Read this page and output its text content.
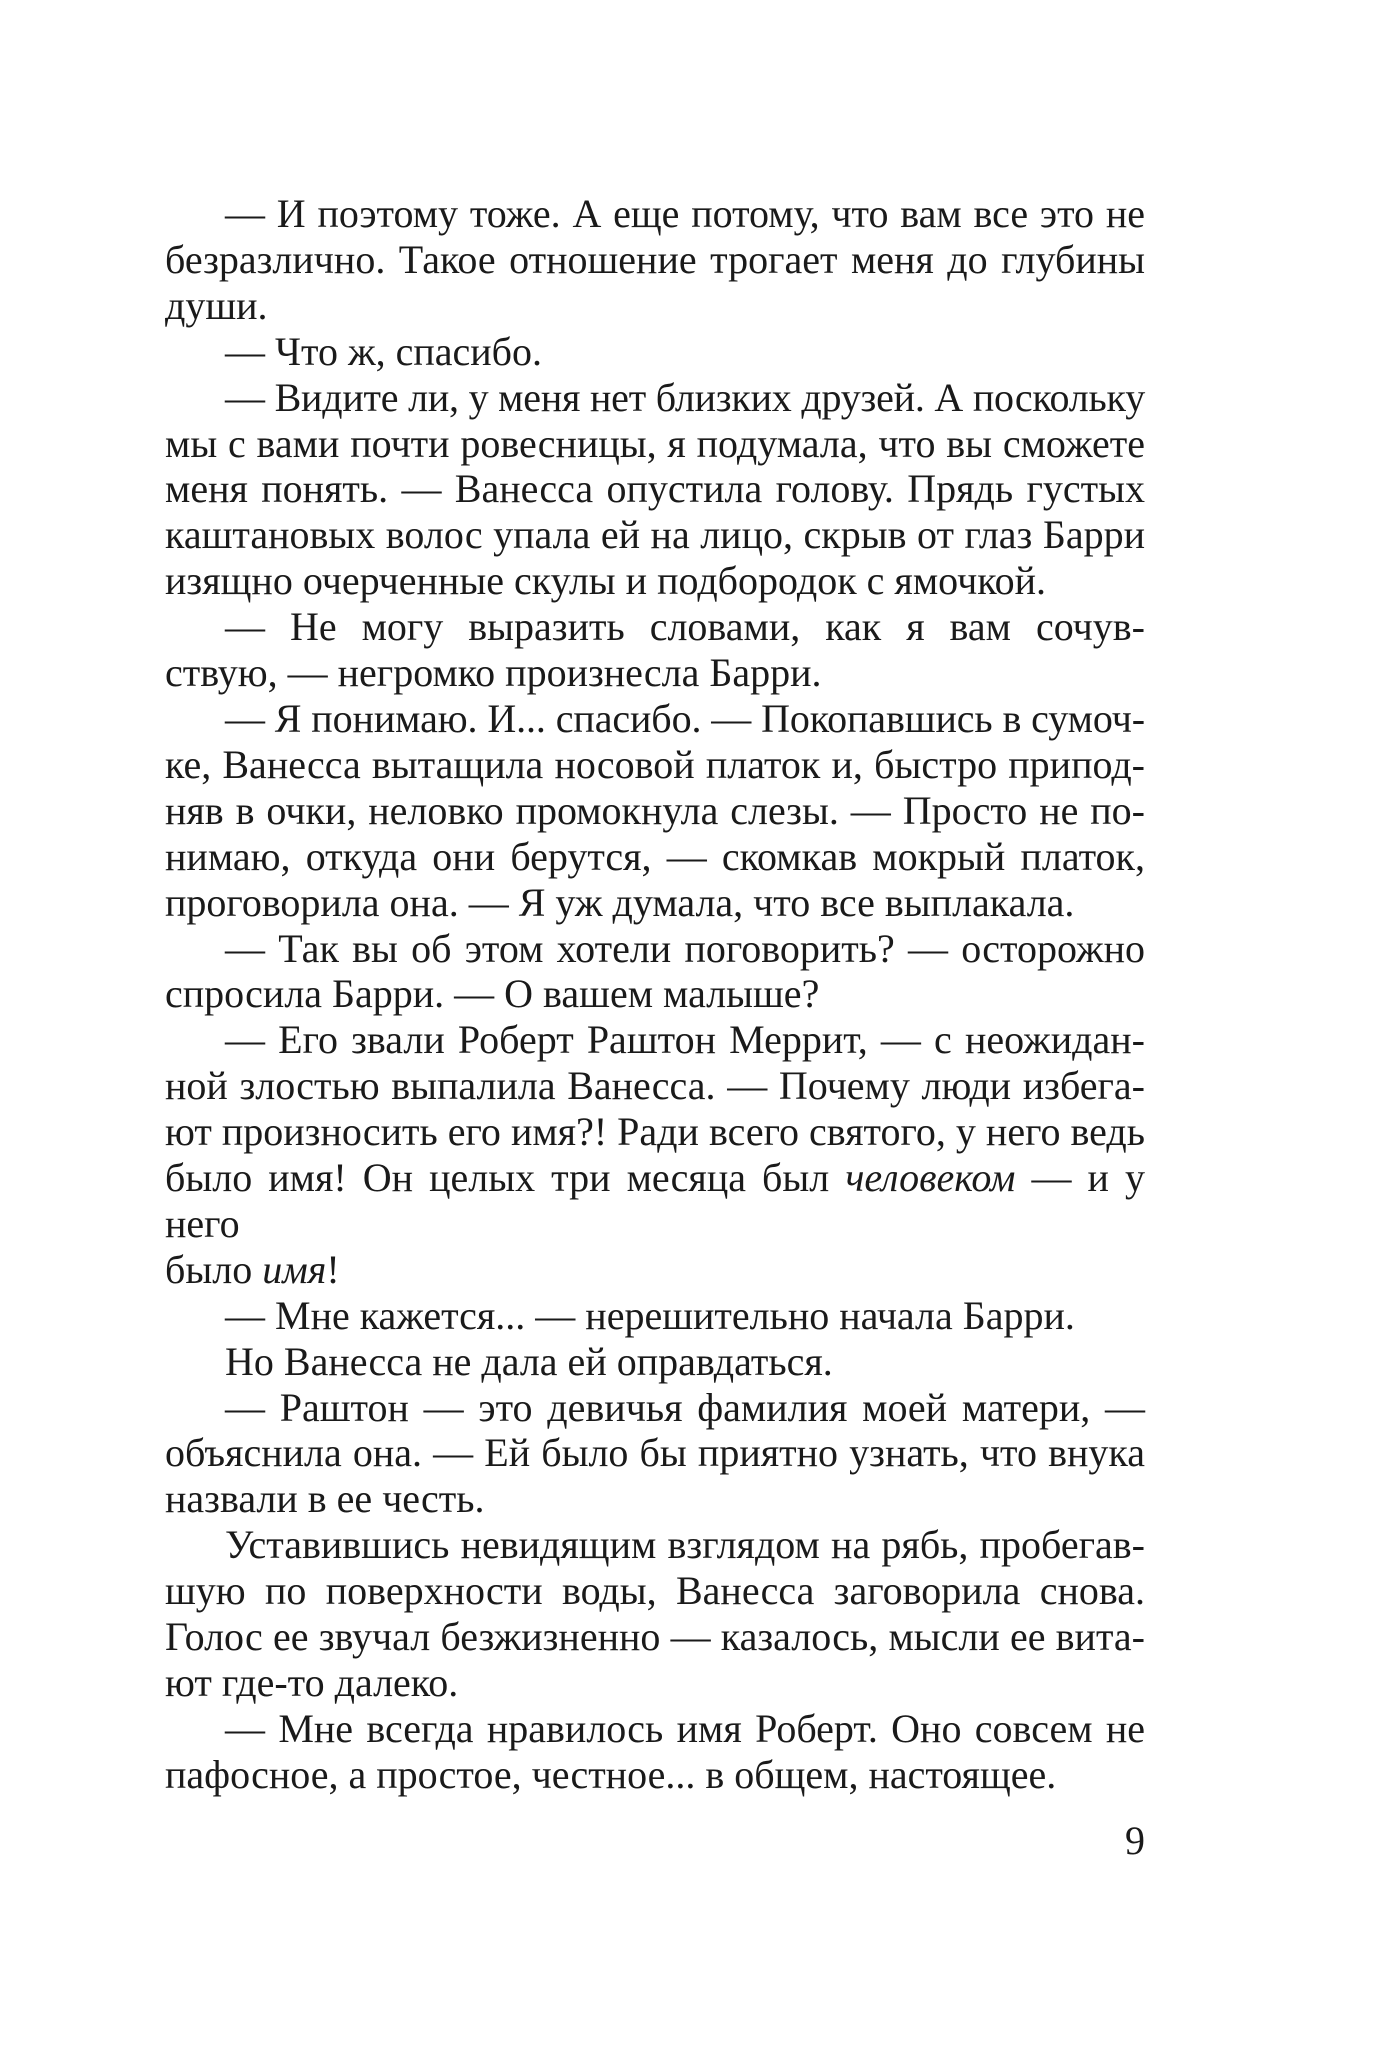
— И поэтому тоже. А еще потому, что вам все это не
безразлично. Такое отношение трогает меня до глубины
души.
— Что ж, спасибо.
— Видите ли, у меня нет близких друзей. А поскольку
мы с вами почти ровесницы, я подумала, что вы сможете
меня понять. — Ванесса опустила голову. Прядь густых
каштановых волос упала ей на лицо, скрыв от глаз Барри
изящно очерченные скулы и подбородок с ямочкой.
— Не могу выразить словами, как я вам сочув-
ствую, — негромко произнесла Барри.
— Я понимаю. И... спасибо. — Покопавшись в сумоч-
ке, Ванесса вытащила носовой платок и, быстро припод-
няв в очки, неловко промокнула слезы. — Просто не по-
нимаю, откуда они берутся, — скомкав мокрый платок,
проговорила она. — Я уж думала, что все выплакала.
— Так вы об этом хотели поговорить? — осторожно
спросила Барри. — О вашем малыше?
— Его звали Роберт Раштон Меррит, — с неожидан-
ной злостью выпалила Ванесса. — Почему люди избега-
ют произносить его имя?! Ради всего святого, у него ведь
было имя! Он целых три месяца был человеком — и у него
было имя!
— Мне кажется... — нерешительно начала Барри.
Но Ванесса не дала ей оправдаться.
— Раштон — это девичья фамилия моей матери, —
объяснила она. — Ей было бы приятно узнать, что внука
назвали в ее честь.
Уставившись невидящим взглядом на рябь, пробегав-
шую по поверхности воды, Ванесса заговорила снова.
Голос ее звучал безжизненно — казалось, мысли ее вита-
ют где-то далеко.
— Мне всегда нравилось имя Роберт. Оно совсем не
пафосное, а простое, честное... в общем, настоящее.
9
